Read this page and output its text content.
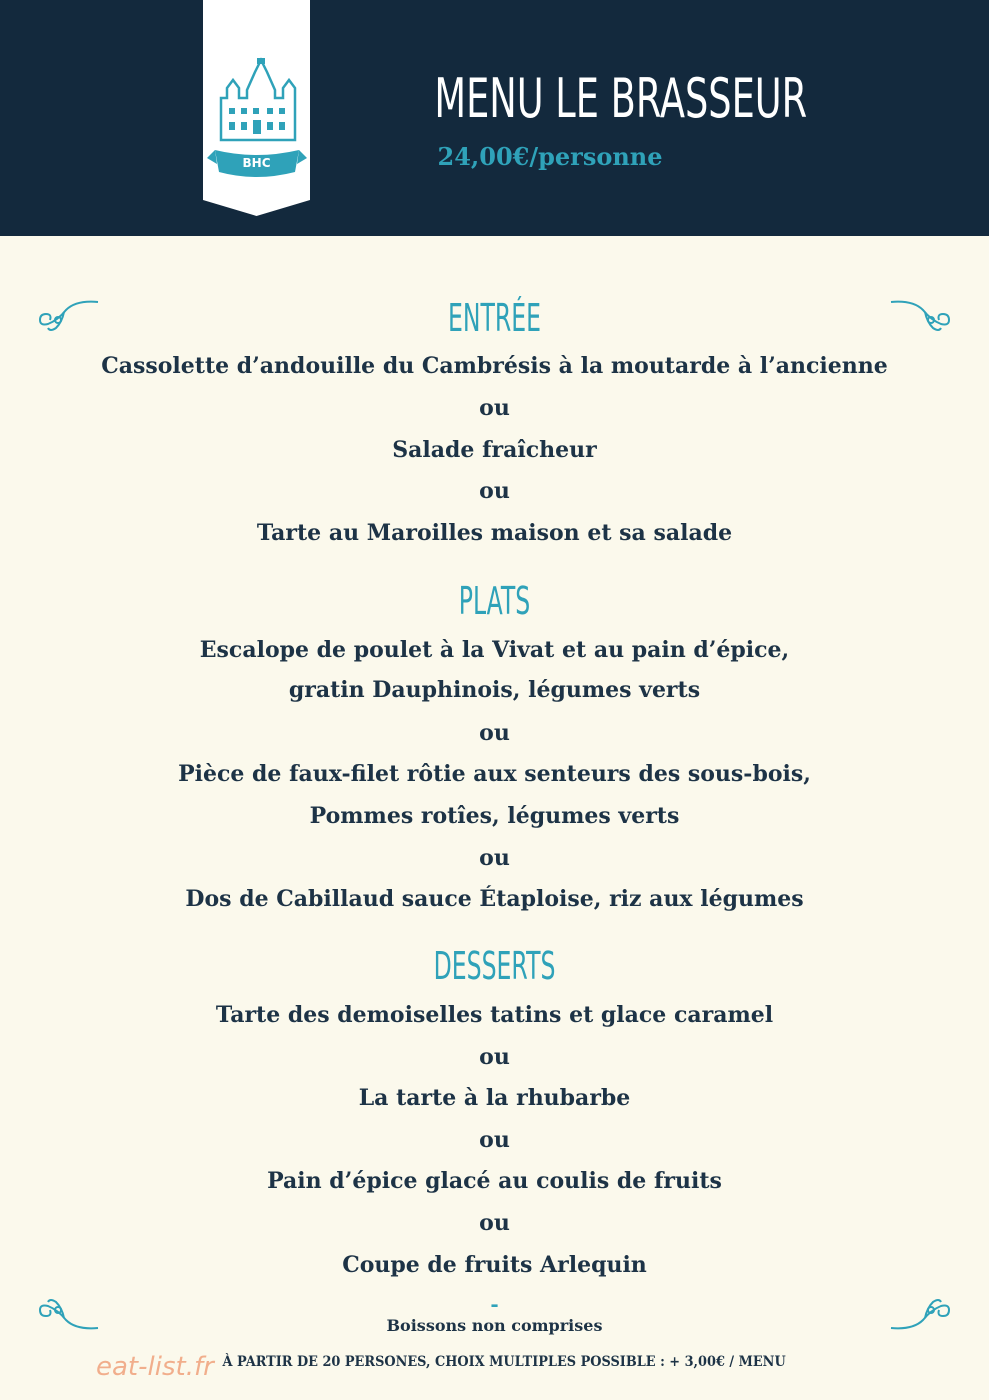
BHC
MENU LE BRASSEUR
24,00€/personne
ENTRÉE
Cassolette d’andouille du Cambrésis à la moutarde à l’ancienne
ou
Salade fraîcheur
ou
Tarte au Maroilles maison et sa salade
PLATS
Escalope de poulet à la Vivat et au pain d’épice,
gratin Dauphinois, légumes verts
ou
Pièce de faux-filet rôtie aux senteurs des sous-bois,
Pommes rotîes, légumes verts
ou
Dos de Cabillaud sauce Étaploise, riz aux légumes
DESSERTS
Tarte des demoiselles tatins et glace caramel
ou
La tarte à la rhubarbe
ou
Pain d’épice glacé au coulis de fruits
ou
Coupe de fruits Arlequin
-
Boissons non comprises
À PARTIR DE 20 PERSONES, CHOIX MULTIPLES POSSIBLE : + 3,00€ / MENU
eat-list.fr
